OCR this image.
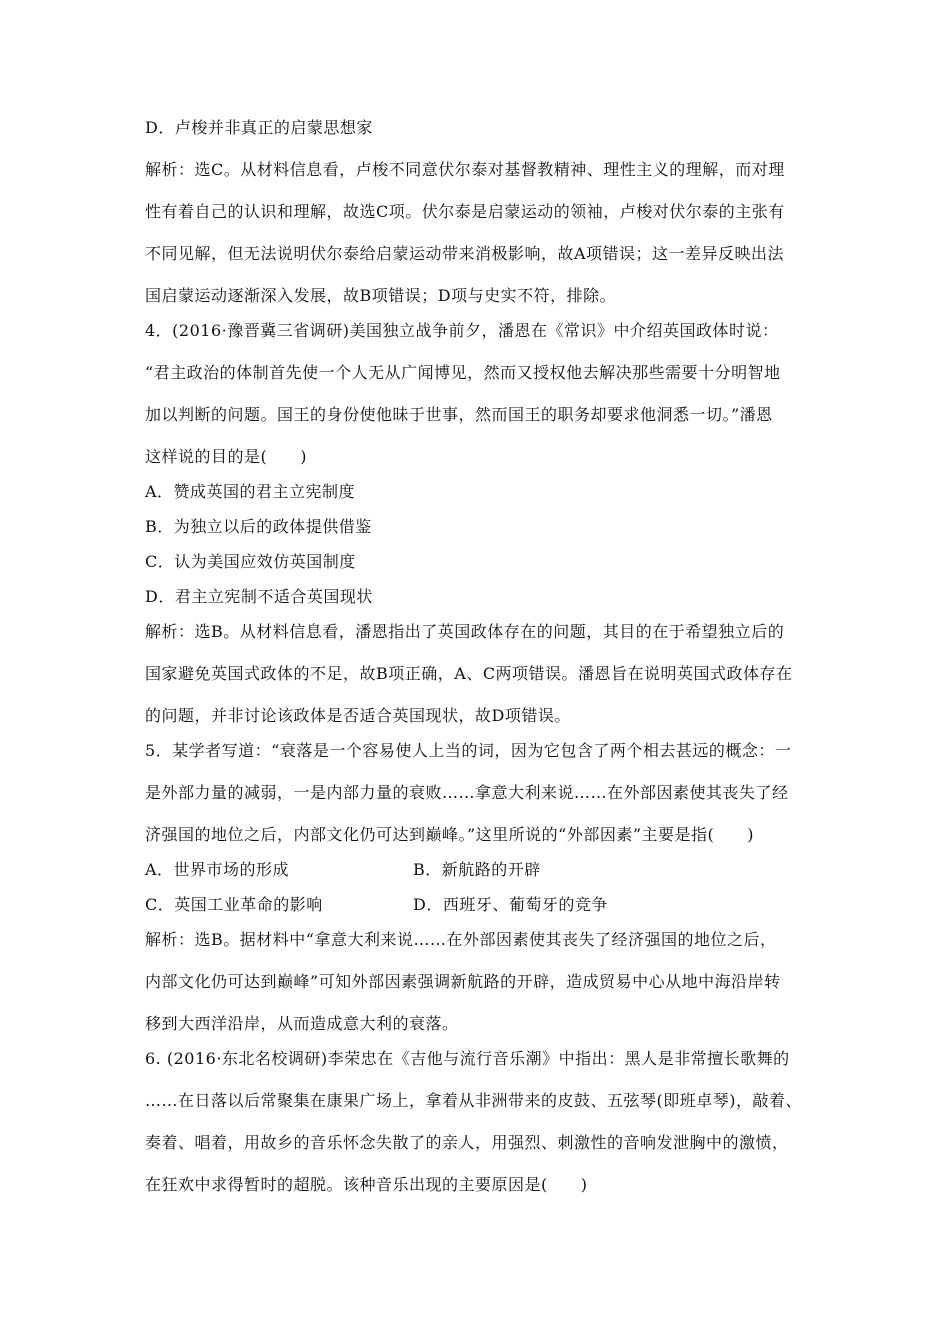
D．卢梭并非真正的启蒙思想家
解析：选C。从材料信息看，卢梭不同意伏尔泰对基督教精神、理性主义的理解，而对理
性有着自己的认识和理解，故选C项。伏尔泰是启蒙运动的领袖，卢梭对伏尔泰的主张有
不同见解，但无法说明伏尔泰给启蒙运动带来消极影响，故A项错误；这一差异反映出法
国启蒙运动逐渐深入发展，故B项错误；D项与史实不符，排除。
4．(2016·豫晋冀三省调研)美国独立战争前夕，潘恩在《常识》中介绍英国政体时说：
“君主政治的体制首先使一个人无从广闻博见，然而又授权他去解决那些需要十分明智地
加以判断的问题。国王的身份使他昧于世事，然而国王的职务却要求他洞悉一切。”潘恩
这样说的目的是(　　)
A．赞成英国的君主立宪制度
B．为独立以后的政体提供借鉴
C．认为美国应效仿英国制度
D．君主立宪制不适合英国现状
解析：选B。从材料信息看，潘恩指出了英国政体存在的问题，其目的在于希望独立后的
国家避免英国式政体的不足，故B项正确，A、C两项错误。潘恩旨在说明英国式政体存在
的问题，并非讨论该政体是否适合英国现状，故D项错误。
5．某学者写道：“衰落是一个容易使人上当的词，因为它包含了两个相去甚远的概念：一
是外部力量的减弱，一是内部力量的衰败……拿意大利来说……在外部因素使其丧失了经
济强国的地位之后，内部文化仍可达到巅峰。”这里所说的“外部因素”主要是指(　　)
A．世界市场的形成	B．新航路的开辟
C．英国工业革命的影响	D．西班牙、葡萄牙的竞争
解析：选B。据材料中“拿意大利来说……在外部因素使其丧失了经济强国的地位之后，
内部文化仍可达到巅峰”可知外部因素强调新航路的开辟，造成贸易中心从地中海沿岸转
移到大西洋沿岸，从而造成意大利的衰落。
6. (2016·东北名校调研)李荣忠在《吉他与流行音乐潮》中指出：黑人是非常擅长歌舞的
……在日落以后常聚集在康果广场上，拿着从非洲带来的皮鼓、五弦琴(即班卓琴)，敲着、
奏着、唱着，用故乡的音乐怀念失散了的亲人，用强烈、刺激性的音响发泄胸中的激愤，
在狂欢中求得暂时的超脱。该种音乐出现的主要原因是(　　)
